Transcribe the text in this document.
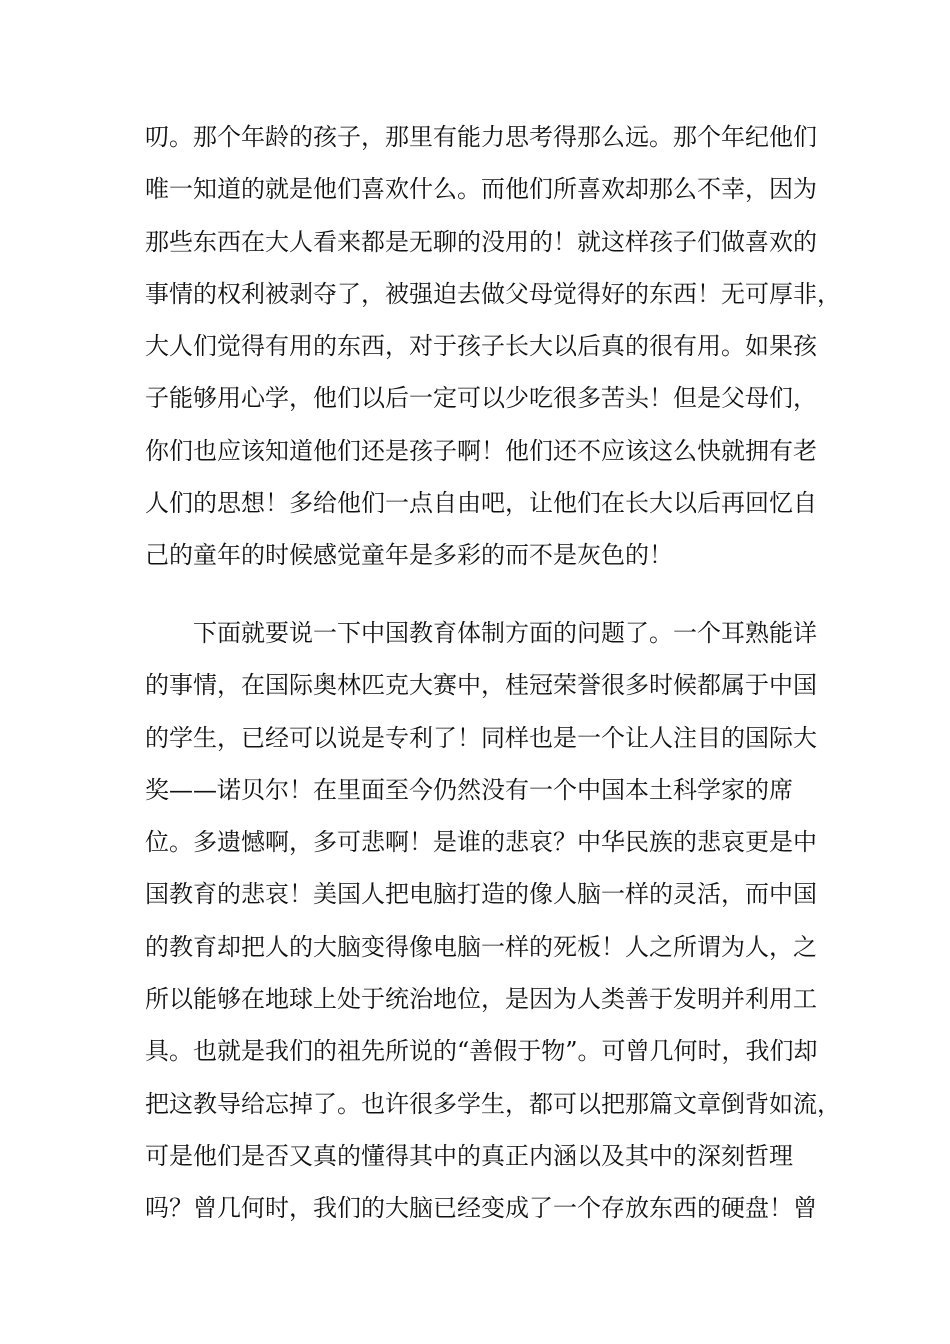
叨。那个年龄的孩子，那里有能力思考得那么远。那个年纪他们
唯一知道的就是他们喜欢什么。而他们所喜欢却那么不幸，因为
那些东西在大人看来都是无聊的没用的！就这样孩子们做喜欢的
事情的权利被剥夺了，被强迫去做父母觉得好的东西！无可厚非，
大人们觉得有用的东西，对于孩子长大以后真的很有用。如果孩
子能够用心学，他们以后一定可以少吃很多苦头！但是父母们，
你们也应该知道他们还是孩子啊！他们还不应该这么快就拥有老
人们的思想！多给他们一点自由吧，让他们在长大以后再回忆自
己的童年的时候感觉童年是多彩的而不是灰色的！
　　下面就要说一下中国教育体制方面的问题了。一个耳熟能详
的事情，在国际奥林匹克大赛中，桂冠荣誉很多时候都属于中国
的学生，已经可以说是专利了！同样也是一个让人注目的国际大
奖——诺贝尔！在里面至今仍然没有一个中国本土科学家的席
位。多遗憾啊，多可悲啊！是谁的悲哀？中华民族的悲哀更是中
国教育的悲哀！美国人把电脑打造的像人脑一样的灵活，而中国
的教育却把人的大脑变得像电脑一样的死板！人之所谓为人，之
所以能够在地球上处于统治地位，是因为人类善于发明并利用工
具。也就是我们的祖先所说的“善假于物”。可曾几何时，我们却
把这教导给忘掉了。也许很多学生，都可以把那篇文章倒背如流，
可是他们是否又真的懂得其中的真正内涵以及其中的深刻哲理
吗？曾几何时，我们的大脑已经变成了一个存放东西的硬盘！曾
